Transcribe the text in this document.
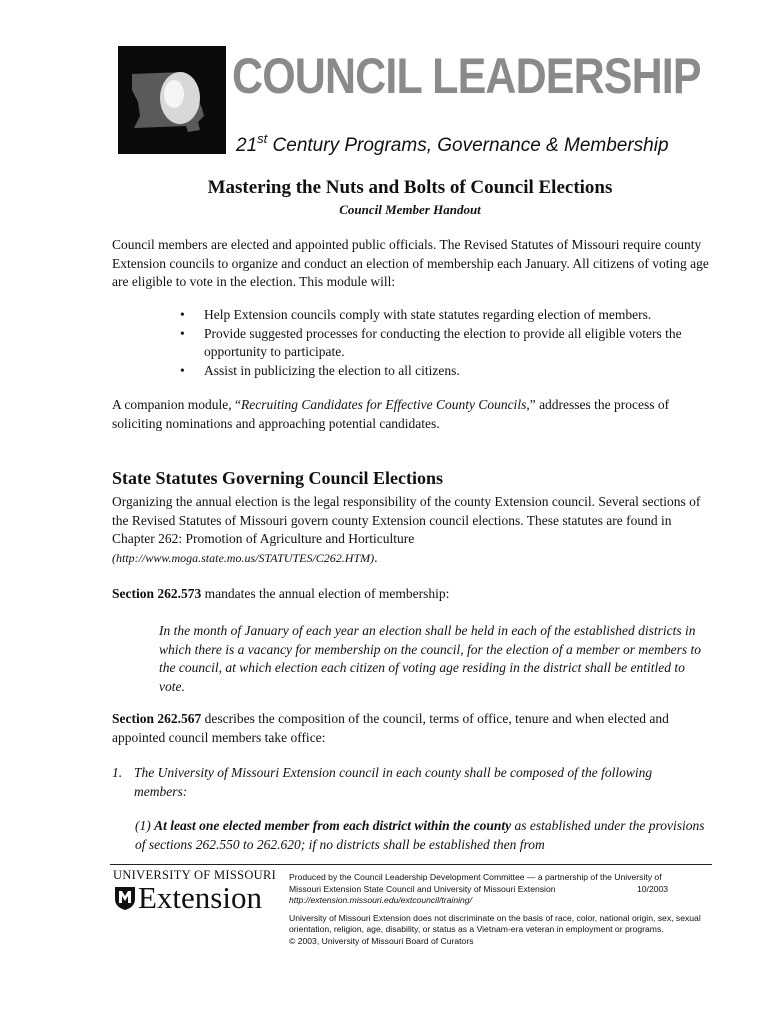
COUNCIL LEADERSHIP
21st Century Programs, Governance & Membership
Mastering the Nuts and Bolts of Council Elections
Council Member Handout
Council members are elected and appointed public officials. The Revised Statutes of Missouri require county Extension councils to organize and conduct an election of membership each January. All citizens of voting age are eligible to vote in the election. This module will:
• Help Extension councils comply with state statutes regarding election of members.
• Provide suggested processes for conducting the election to provide all eligible voters the opportunity to participate.
• Assist in publicizing the election to all citizens.
A companion module, “Recruiting Candidates for Effective County Councils,” addresses the process of soliciting nominations and approaching potential candidates.
State Statutes Governing Council Elections
Organizing the annual election is the legal responsibility of the county Extension council. Several sections of the Revised Statutes of Missouri govern county Extension council elections. These statutes are found in Chapter 262: Promotion of Agriculture and Horticulture
(http://www.moga.state.mo.us/STATUTES/C262.HTM).
Section 262.573 mandates the annual election of membership:
In the month of January of each year an election shall be held in each of the established districts in which there is a vacancy for membership on the council, for the election of a member or members to the council, at which election each citizen of voting age residing in the district shall be entitled to vote.
Section 262.567 describes the composition of the council, terms of office, tenure and when elected and appointed council members take office:
1. The University of Missouri Extension council in each county shall be composed of the following members:
(1) At least one elected member from each district within the county as established under the provisions of sections 262.550 to 262.620; if no districts shall be established then from
UNIVERSITY OF MISSOURI
Extension
Produced by the Council Leadership Development Committee — a partnership of the University of
Missouri Extension State Council and University of Missouri Extension	10/2003
http://extension.missouri.edu/extcouncil/training/
University of Missouri Extension does not discriminate on the basis of race, color, national origin, sex, sexual orientation, religion, age, disability, or status as a Vietnam-era veteran in employment or programs.
© 2003, University of Missouri Board of Curators
